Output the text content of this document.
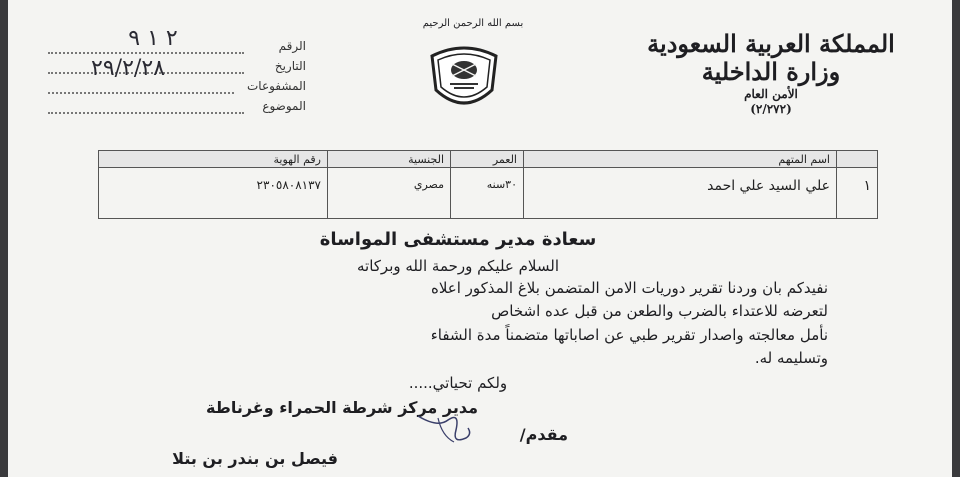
المملكة العربية السعودية
وزارة الداخلية
الأمن العام
(٢/٢٧٢)
بسم الله الرحمن الرحيم
الرقم
التاريخ
المشفوعات
الموضوع
٢ ١ ٩
٢٩/٢/٢٨
	اسم المتهم	العمر	الجنسية	رقم الهوية
١	علي السيد علي احمد	٣٠سنه	مصري	٢٣٠٥٨٠٨١٣٧
سعادة مدير مستشفى المواساة
السلام عليكم ورحمة الله وبركاته
نفيدكم بان وردنا تقرير دوريات الامن المتضمن بلاغ المذكور اعلاه
لتعرضه للاعتداء بالضرب والطعن من قبل عده اشخاص
نأمل معالجته واصدار تقرير طبي عن اصاباتها متضمناً مدة الشفاء
وتسليمه له.
ولكم تحياتي.....
مدير مركز شرطة الحمراء وغرناطة
مقدم/
فيصل بن بندر بن بتلا
